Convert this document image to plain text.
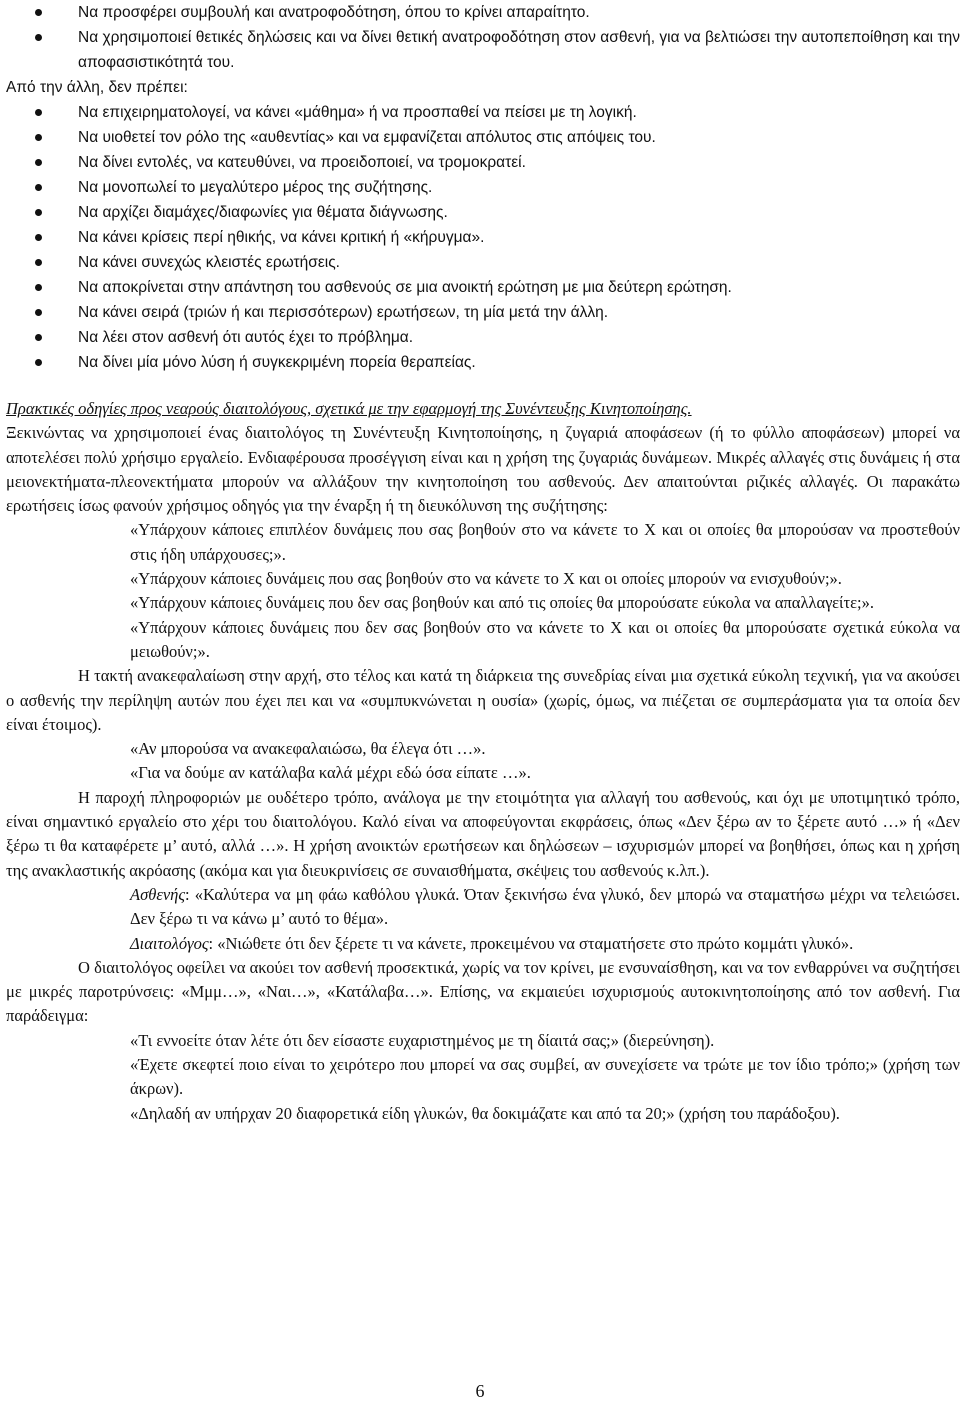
Να προσφέρει συμβουλή και ανατροφοδότηση, όπου το κρίνει απαραίτητο.
Να χρησιμοποιεί θετικές δηλώσεις και να δίνει θετική ανατροφοδότηση στον ασθενή, για να βελτιώσει την αυτοπεποίθηση και την αποφασιστικότητά του.

Από την άλλη, δεν πρέπει:

Να επιχειρηματολογεί, να κάνει «μάθημα» ή να προσπαθεί να πείσει με τη λογική.
Να υιοθετεί τον ρόλο της «αυθεντίας» και να εμφανίζεται απόλυτος στις απόψεις του.
Να δίνει εντολές, να κατευθύνει, να προειδοποιεί, να τρομοκρατεί.
Να μονοπωλεί το μεγαλύτερο μέρος της συζήτησης.
Να αρχίζει διαμάχες/διαφωνίες για θέματα διάγνωσης.
Να κάνει κρίσεις περί ηθικής, να κάνει κριτική ή «κήρυγμα».
Να κάνει συνεχώς κλειστές ερωτήσεις.
Να αποκρίνεται στην απάντηση του ασθενούς σε μια ανοικτή ερώτηση με μια δεύτερη ερώτηση.
Να κάνει σειρά (τριών ή και περισσότερων) ερωτήσεων, τη μία μετά την άλλη.
Να λέει στον ασθενή ότι αυτός έχει το πρόβλημα.
Να δίνει μία μόνο λύση ή συγκεκριμένη πορεία θεραπείας.

Πρακτικές οδηγίες προς νεαρούς διαιτολόγους, σχετικά με την εφαρμογή της Συνέντευξης Κινητοποίησης.

Ξεκινώντας να χρησιμοποιεί ένας διαιτολόγος τη Συνέντευξη Κινητοποίησης, η ζυγαριά αποφάσεων (ή το φύλλο αποφάσεων) μπορεί να αποτελέσει πολύ χρήσιμο εργαλείο. Ενδιαφέρουσα προσέγγιση είναι και η χρήση της ζυγαριάς δυνάμεων. Μικρές αλλαγές στις δυνάμεις ή στα μειονεκτήματα-πλεονεκτήματα μπορούν να αλλάξουν την κινητοποίηση του ασθενούς. Δεν απαιτούνται ριζικές αλλαγές. Οι παρακάτω ερωτήσεις ίσως φανούν χρήσιμος οδηγός για την έναρξη ή τη διευκόλυνση της συζήτησης:

«Υπάρχουν κάποιες επιπλέον δυνάμεις που σας βοηθούν στο να κάνετε το Χ και οι οποίες θα μπορούσαν να προστεθούν στις ήδη υπάρχουσες;».

«Υπάρχουν κάποιες δυνάμεις που σας βοηθούν στο να κάνετε το Χ και οι οποίες μπορούν να ενισχυθούν;».

«Υπάρχουν κάποιες δυνάμεις που δεν σας βοηθούν και από τις οποίες θα μπορούσατε εύκολα να απαλλαγείτε;».

«Υπάρχουν κάποιες δυνάμεις που δεν σας βοηθούν στο να κάνετε το Χ και οι οποίες θα μπορούσατε σχετικά εύκολα να μειωθούν;».

Η τακτή ανακεφαλαίωση στην αρχή, στο τέλος και κατά τη διάρκεια της συνεδρίας είναι μια σχετικά εύκολη τεχνική, για να ακούσει ο ασθενής την περίληψη αυτών που έχει πει και να «συμπυκνώνεται η ουσία» (χωρίς, όμως, να πιέζεται σε συμπεράσματα για τα οποία δεν είναι έτοιμος).

«Αν μπορούσα να ανακεφαλαιώσω, θα έλεγα ότι …».

«Για να δούμε αν κατάλαβα καλά μέχρι εδώ όσα είπατε …».

Η παροχή πληροφοριών με ουδέτερο τρόπο, ανάλογα με την ετοιμότητα για αλλαγή του ασθενούς, και όχι με υποτιμητικό τρόπο, είναι σημαντικό εργαλείο στο χέρι του διαιτολόγου. Καλό είναι να αποφεύγονται εκφράσεις, όπως «Δεν ξέρω αν το ξέρετε αυτό …» ή «Δεν ξέρω τι θα καταφέρετε μ’ αυτό, αλλά …». Η χρήση ανοικτών ερωτήσεων και δηλώσεων – ισχυρισμών μπορεί να βοηθήσει, όπως και η χρήση της ανακλαστικής ακρόασης (ακόμα και για διευκρινίσεις σε συναισθήματα, σκέψεις του ασθενούς κ.λπ.).

Ασθενής: «Καλύτερα να μη φάω καθόλου γλυκά. Όταν ξεκινήσω ένα γλυκό, δεν μπορώ να σταματήσω μέχρι να τελειώσει. Δεν ξέρω τι να κάνω μ’ αυτό το θέμα».

Διαιτολόγος: «Νιώθετε ότι δεν ξέρετε τι να κάνετε, προκειμένου να σταματήσετε στο πρώτο κομμάτι γλυκό».

Ο διαιτολόγος οφείλει να ακούει τον ασθενή προσεκτικά, χωρίς να τον κρίνει, με ενσυναίσθηση, και να τον ενθαρρύνει να συζητήσει με μικρές παροτρύνσεις: «Μμμ…», «Ναι…», «Κατάλαβα…». Επίσης, να εκμαιεύει ισχυρισμούς αυτοκινητοποίησης από τον ασθενή. Για παράδειγμα:

«Τι εννοείτε όταν λέτε ότι δεν είσαστε ευχαριστημένος με τη δίαιτά σας;» (διερεύνηση).

«Έχετε σκεφτεί ποιο είναι το χειρότερο που μπορεί να σας συμβεί, αν συνεχίσετε να τρώτε με τον ίδιο τρόπο;» (χρήση των άκρων).

«Δηλαδή αν υπήρχαν 20 διαφορετικά είδη γλυκών, θα δοκιμάζατε και από τα 20;» (χρήση του παράδοξου).

6
